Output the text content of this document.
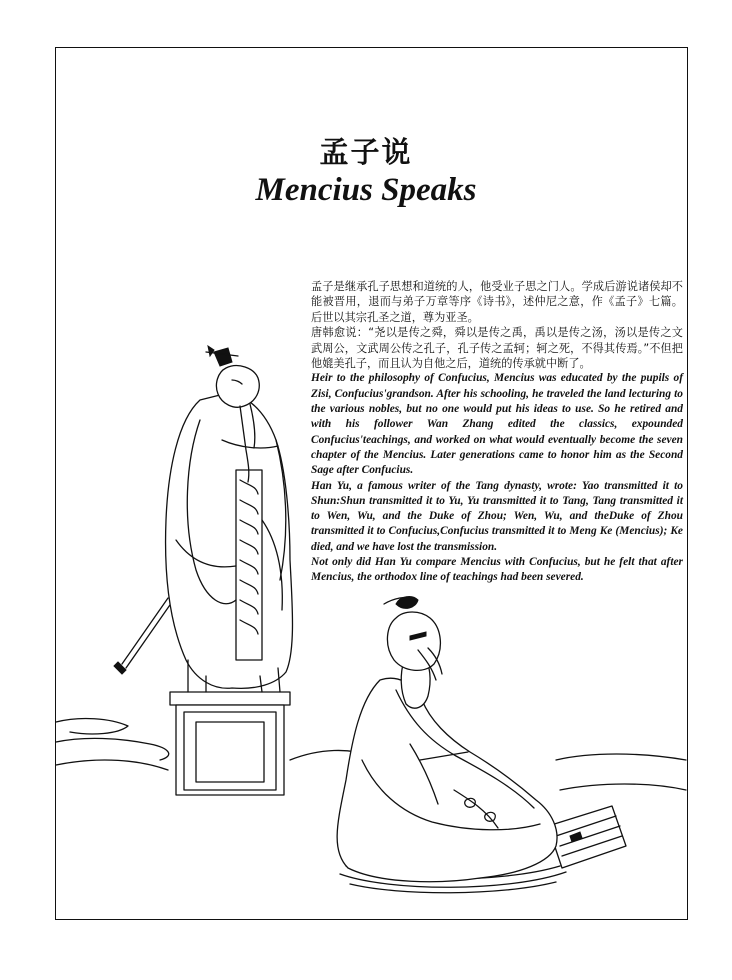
孟子说
Mencius Speaks

孟子是继承孔子思想和道统的人，他受业子思之门人。学成后游说诸侯却不能被晋用，退而与弟子万章等序《诗书》，述仲尼之意，作《孟子》七篇。后世以其宗孔圣之道，尊为亚圣。

唐韩愈说：“尧以是传之舜，舜以是传之禹，禹以是传之汤，汤以是传之文武周公，文武周公传之孔子，孔子传之孟轲；轲之死，不得其传焉。”不但把他媲美孔子，而且认为自他之后，道统的传承就中断了。

Heir to the philosophy of Confucius, Mencius was educated by the pupils of Zisi, Confucius'grandson. After his schooling, he traveled the land lecturing to the various nobles, but no one would put his ideas to use. So he retired and with his follower Wan Zhang edited the classics, expounded Confucius'teachings, and worked on what would eventually become the seven chapter of the Mencius. Later generations came to honor him as the Second Sage after Confucius.

Han Yu, a famous writer of the Tang dynasty, wrote: Yao transmitted it to Shun:Shun transmitted it to Yu, Yu transmitted it to Tang, Tang transmitted it to Wen, Wu, and the Duke of Zhou; Wen, Wu, and theDuke of Zhou transmitted it to Confucius,Confucius transmitted it to Meng Ke (Mencius); Ke died, and we have lost the transmission.

Not only did Han Yu compare Mencius with Confucius, but he felt that after Mencius, the orthodox line of teachings had been severed.
